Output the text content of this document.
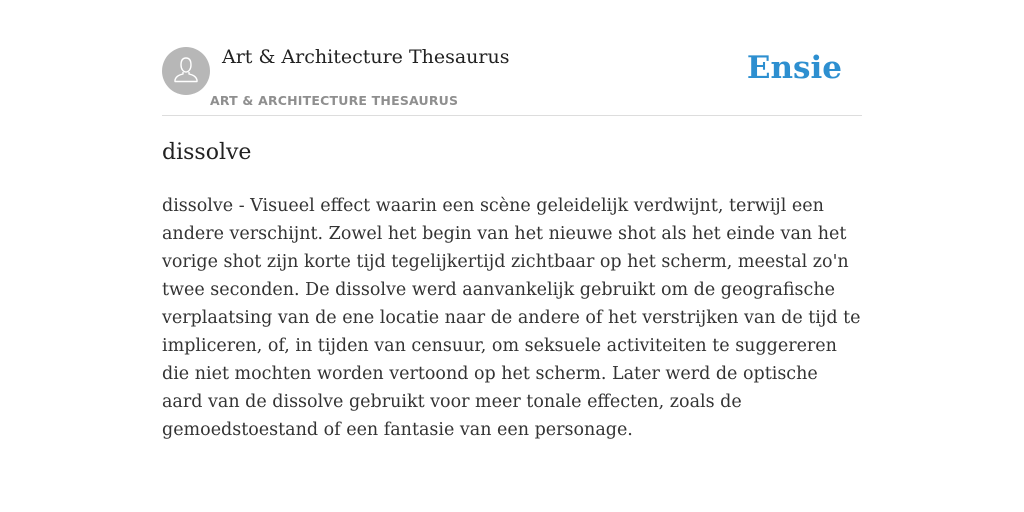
Art & Architecture Thesaurus
ART & ARCHITECTURE THESAURUS
Ensie
dissolve

dissolve - Visueel effect waarin een scène geleidelijk verdwijnt, terwijl een andere verschijnt. Zowel het begin van het nieuwe shot als het einde van het vorige shot zijn korte tijd tegelijkertijd zichtbaar op het scherm, meestal zo'n twee seconden. De dissolve werd aanvankelijk gebruikt om de geografische verplaatsing van de ene locatie naar de andere of het verstrijken van de tijd te impliceren, of, in tijden van censuur, om seksuele activiteiten te suggereren die niet mochten worden vertoond op het scherm. Later werd de optische aard van de dissolve gebruikt voor meer tonale effecten, zoals de gemoedstoestand of een fantasie van een personage.
